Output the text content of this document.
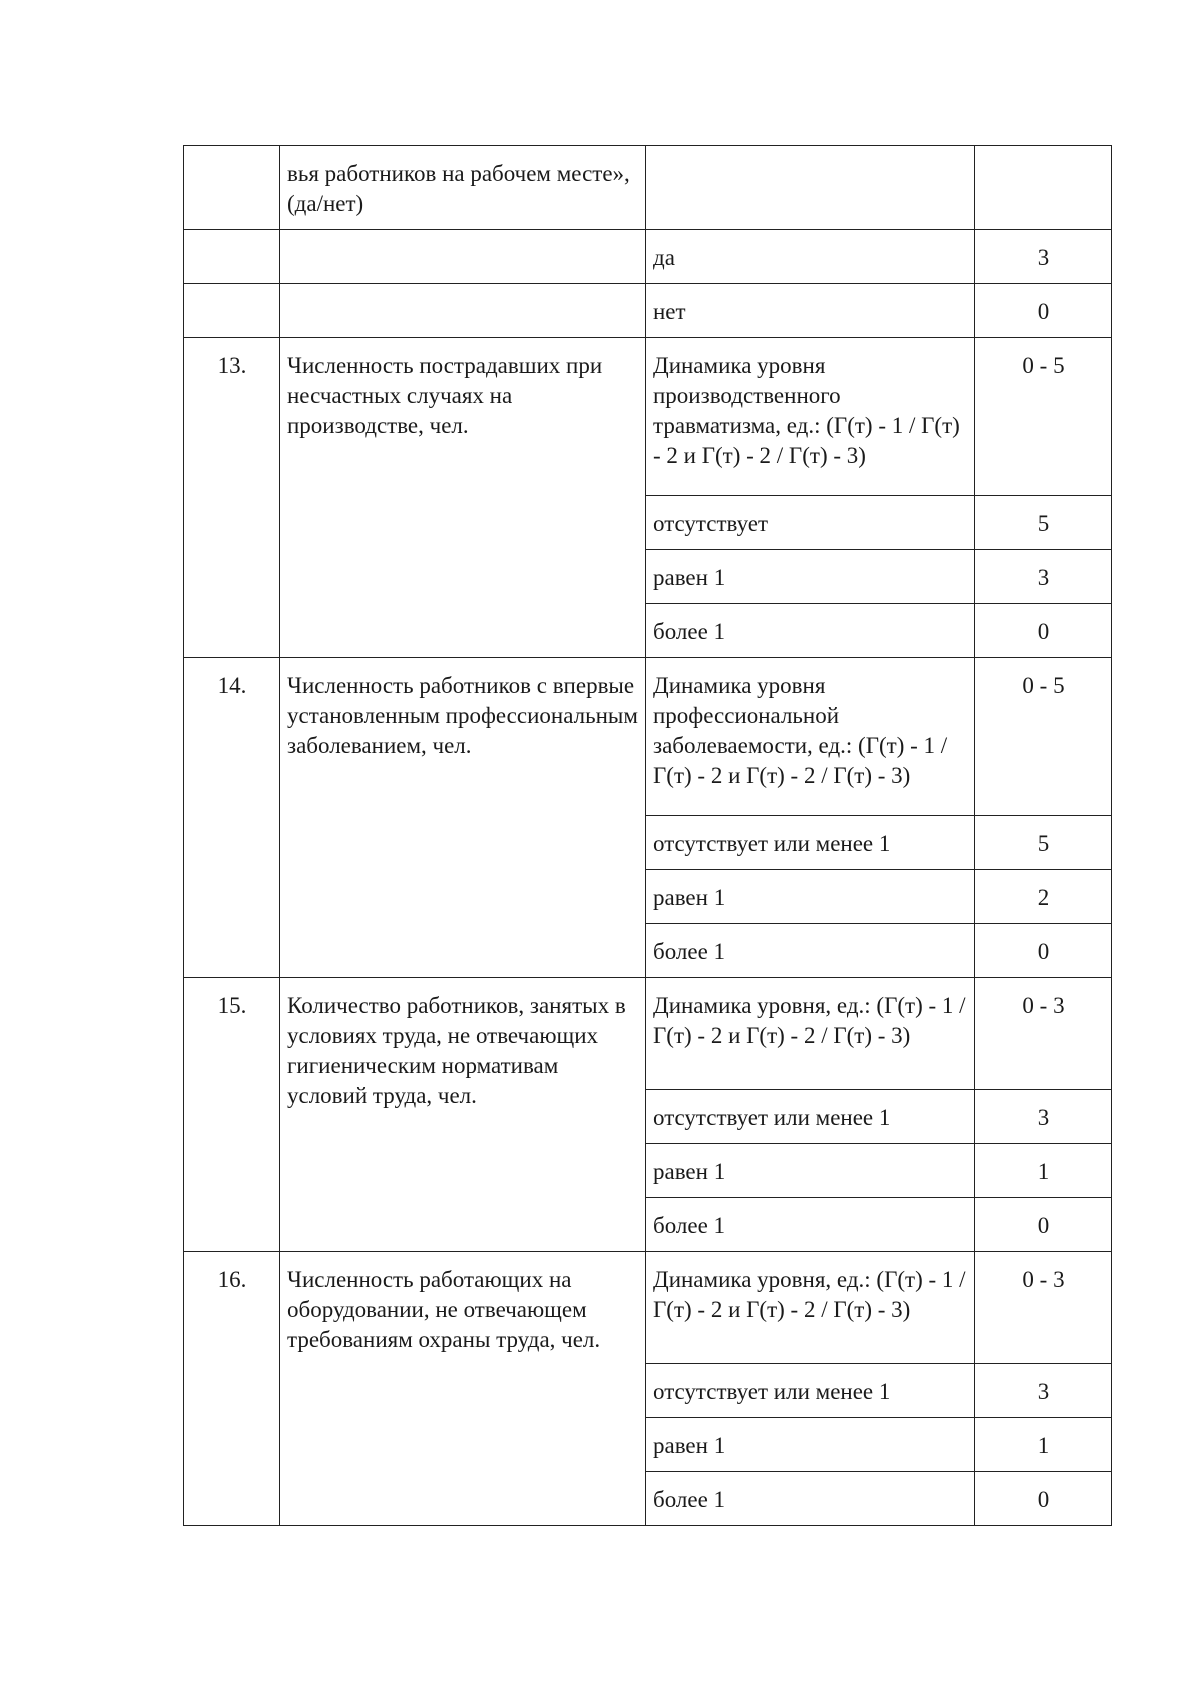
	вья работников на рабочем месте», (да/нет)		
		да	3
		нет	0
13.	Численность пострадавших при несчастных случаях на производстве, чел.	Динамика уровня производственного травматизма, ед.: (Г(т) - 1 / Г(т) - 2 и Г(т) - 2 / Г(т) - 3)	0 - 5
		отсутствует	5
		равен 1	3
		более 1	0
14.	Численность работников с впервые установленным профессиональным заболеванием, чел.	Динамика уровня профессиональной заболеваемости, ед.: (Г(т) - 1 / Г(т) - 2 и Г(т) - 2 / Г(т) - 3)	0 - 5
		отсутствует или менее 1	5
		равен 1	2
		более 1	0
15.	Количество работников, занятых в условиях труда, не отвечающих гигиеническим нормативам условий труда, чел.	Динамика уровня, ед.: (Г(т) - 1 / Г(т) - 2 и Г(т) - 2 / Г(т) - 3)	0 - 3
		отсутствует или менее 1	3
		равен 1	1
		более 1	0
16.	Численность работающих на оборудовании, не отвечающем требованиям охраны труда, чел.	Динамика уровня, ед.: (Г(т) - 1 / Г(т) - 2 и Г(т) - 2 / Г(т) - 3)	0 - 3
		отсутствует или менее 1	3
		равен 1	1
		более 1	0
